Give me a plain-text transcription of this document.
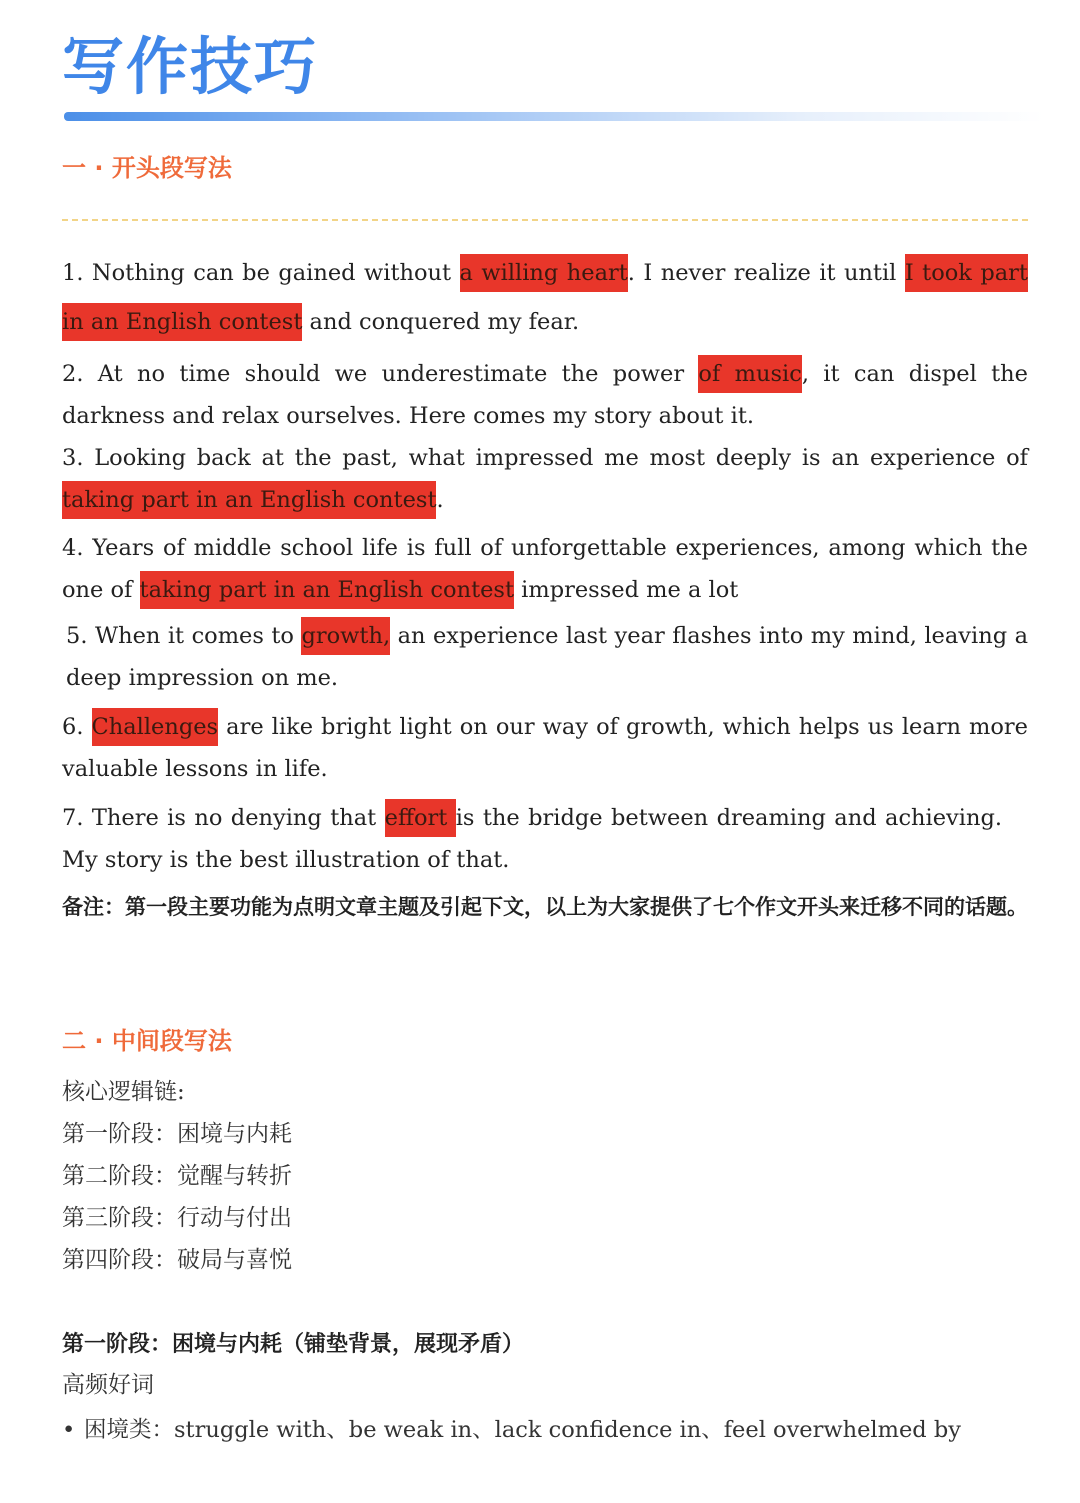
写作技巧
一 · 开头段写法

1. Nothing can be gained without a willing heart. I never realize it until I took part in an English contest and conquered my fear.

2. At no time should we underestimate the power of music, it can dispel the darkness and relax ourselves. Here comes my story about it.

3. Looking back at the past, what impressed me most deeply is an experience of taking part in an English contest.

4. Years of middle school life is full of unforgettable experiences, among which the one of taking part in an English contest impressed me a lot

5. When it comes to growth, an experience last year flashes into my mind, leaving a deep impression on me.

6. Challenges are like bright light on our way of growth, which helps us learn more valuable lessons in life.

7. There is no denying that effort is the bridge between dreaming and achieving. My story is the best illustration of that.

备注：第一段主要功能为点明文章主题及引起下文，以上为大家提供了七个作文开头来迁移不同的话题。

二 · 中间段写法

核心逻辑链:

第一阶段：困境与内耗

第二阶段：觉醒与转折

第三阶段：行动与付出

第四阶段：破局与喜悦

第一阶段：困境与内耗（铺垫背景，展现矛盾）

高频好词

• 困境类：struggle with、be weak in、lack confidence in、feel overwhelmed by
